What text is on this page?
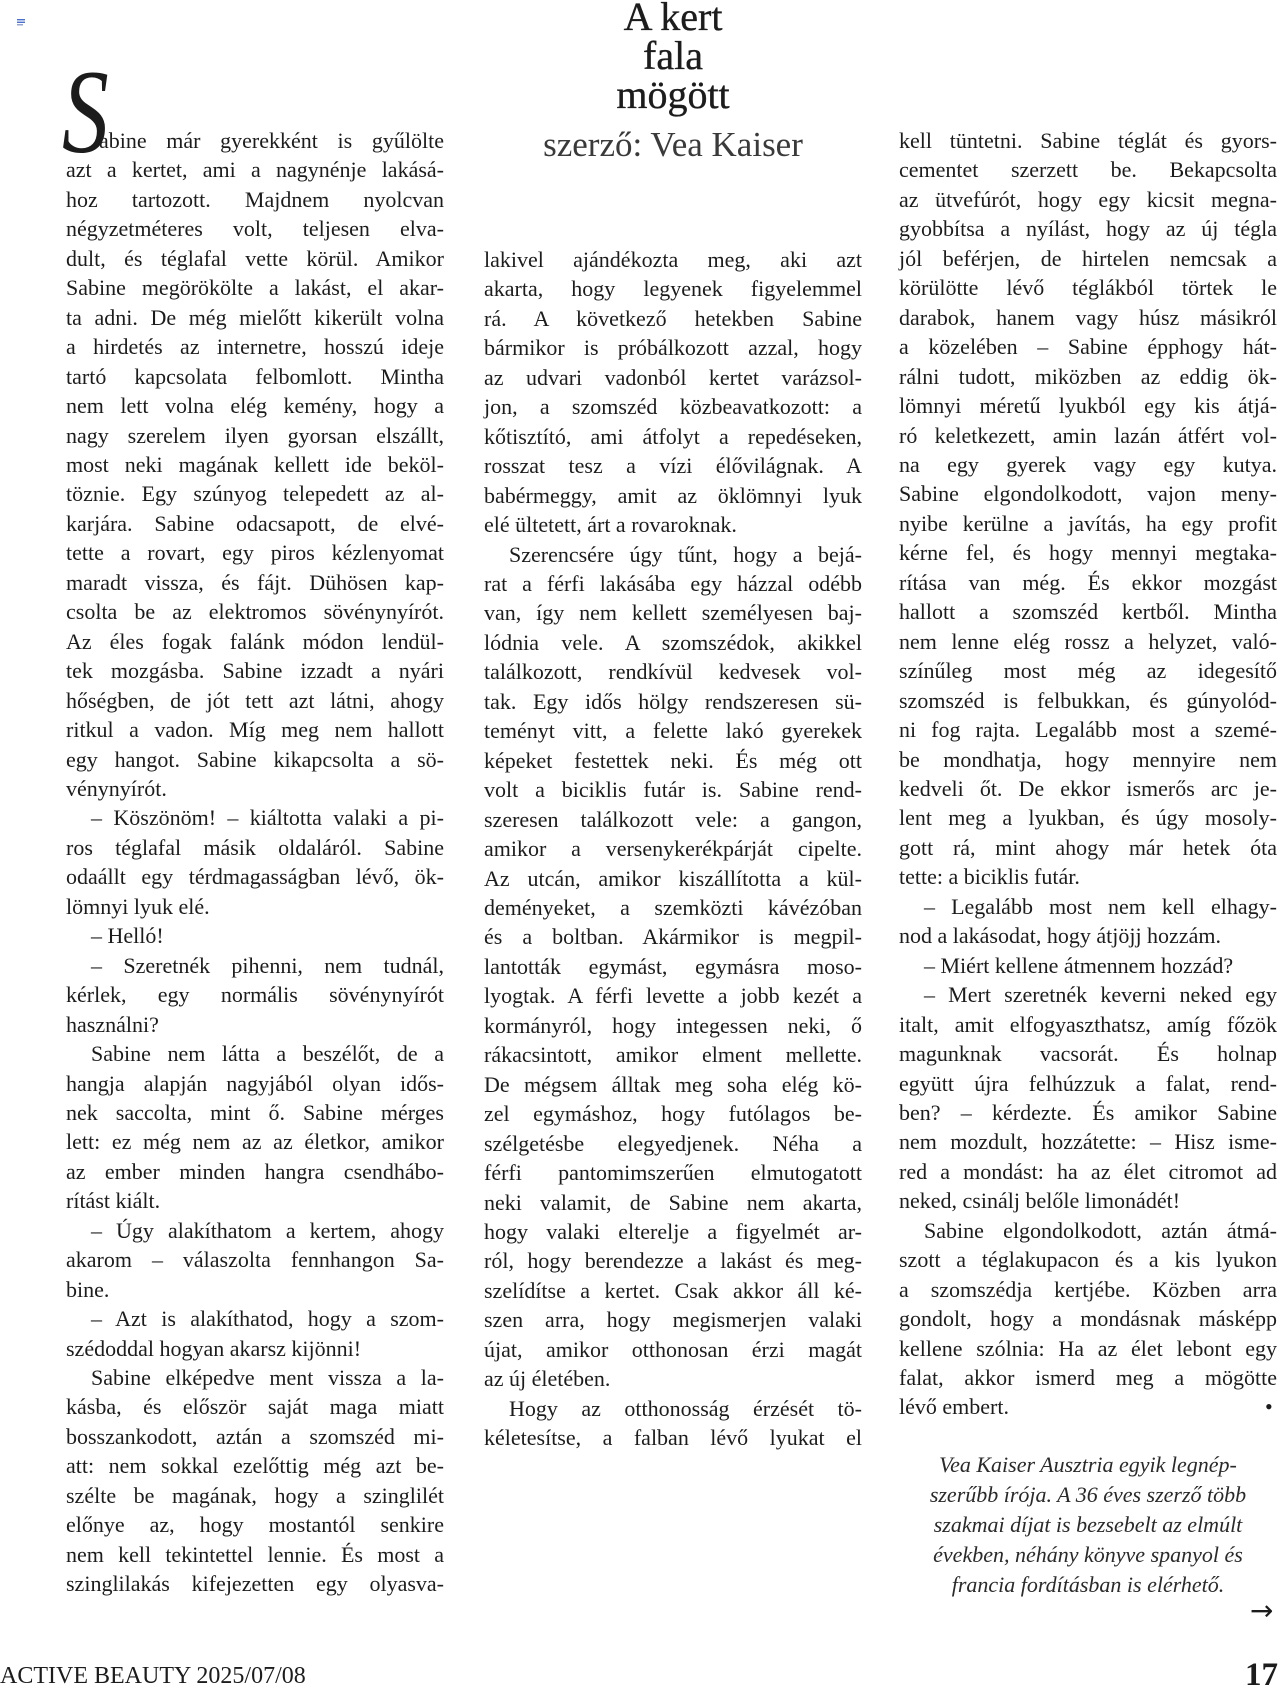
A kert
fala
mögött
szerző: Vea Kaiser
S
abine már gyerekként is gyűlölte
azt a kertet, ami a nagynénje lakásá-
hoz tartozott. Majdnem nyolcvan
négyzetméteres volt, teljesen elva-
dult, és téglafal vette körül. Amikor
Sabine megörökölte a lakást, el akar-
ta adni. De még mielőtt kikerült volna
a hirdetés az internetre, hosszú ideje
tartó kapcsolata felbomlott. Mintha
nem lett volna elég kemény, hogy a
nagy szerelem ilyen gyorsan elszállt,
most neki magának kellett ide beköl-
töznie. Egy szúnyog telepedett az al-
karjára. Sabine odacsapott, de elvé-
tette a rovart, egy piros kézlenyomat
maradt vissza, és fájt. Dühösen kap-
csolta be az elektromos sövénynyírót.
Az éles fogak falánk módon lendül-
tek mozgásba. Sabine izzadt a nyári
hőségben, de jót tett azt látni, ahogy
ritkul a vadon. Míg meg nem hallott
egy hangot. Sabine kikapcsolta a sö-
vénynyírót.
– Köszönöm! – kiáltotta valaki a pi-
ros téglafal másik oldaláról. Sabine
odaállt egy térdmagasságban lévő, ök-
lömnyi lyuk elé.
– Helló!
– Szeretnék pihenni, nem tudnál,
kérlek, egy normális sövénynyírót
használni?
Sabine nem látta a beszélőt, de a
hangja alapján nagyjából olyan idős-
nek saccolta, mint ő. Sabine mérges
lett: ez még nem az az életkor, amikor
az ember minden hangra csendhábo-
rítást kiált.
– Úgy alakíthatom a kertem, ahogy
akarom – válaszolta fennhangon Sa-
bine.
– Azt is alakíthatod, hogy a szom-
szédoddal hogyan akarsz kijönni!
Sabine elképedve ment vissza a la-
kásba, és először saját maga miatt
bosszankodott, aztán a szomszéd mi-
att: nem sokkal ezelőttig még azt be-
szélte be magának, hogy a szinglilét
előnye az, hogy mostantól senkire
nem kell tekintettel lennie. És most a
szinglilakás kifejezetten egy olyasva-
lakivel ajándékozta meg, aki azt
akarta, hogy legyenek figyelemmel
rá. A következő hetekben Sabine
bármikor is próbálkozott azzal, hogy
az udvari vadonból kertet varázsol-
jon, a szomszéd közbeavatkozott: a
kőtisztító, ami átfolyt a repedéseken,
rosszat tesz a vízi élővilágnak. A
babérmeggy, amit az öklömnyi lyuk
elé ültetett, árt a rovaroknak.
Szerencsére úgy tűnt, hogy a bejá-
rat a férfi lakásába egy házzal odébb
van, így nem kellett személyesen baj-
lódnia vele. A szomszédok, akikkel
találkozott, rendkívül kedvesek vol-
tak. Egy idős hölgy rendszeresen sü-
teményt vitt, a felette lakó gyerekek
képeket festettek neki. És még ott
volt a biciklis futár is. Sabine rend-
szeresen találkozott vele: a gangon,
amikor a versenykerékpárját cipelte.
Az utcán, amikor kiszállította a kül-
deményeket, a szemközti kávézóban
és a boltban. Akármikor is megpil-
lantották egymást, egymásra moso-
lyogtak. A férfi levette a jobb kezét a
kormányról, hogy integessen neki, ő
rákacsintott, amikor elment mellette.
De mégsem álltak meg soha elég kö-
zel egymáshoz, hogy futólagos be-
szélgetésbe elegyedjenek. Néha a
férfi pantomimszerűen elmutogatott
neki valamit, de Sabine nem akarta,
hogy valaki elterelje a figyelmét ar-
ról, hogy berendezze a lakást és meg-
szelídítse a kertet. Csak akkor áll ké-
szen arra, hogy megismerjen valaki
újat, amikor otthonosan érzi magát
az új életében.
Hogy az otthonosság érzését tö-
kéletesítse, a falban lévő lyukat el
kell tüntetni. Sabine téglát és gyors-
cementet szerzett be. Bekapcsolta
az ütvefúrót, hogy egy kicsit megna-
gyobbítsa a nyílást, hogy az új tégla
jól beférjen, de hirtelen nemcsak a
körülötte lévő téglákból törtek le
darabok, hanem vagy húsz másikról
a közelében – Sabine épphogy hát-
rálni tudott, miközben az eddig ök-
lömnyi méretű lyukból egy kis átjá-
ró keletkezett, amin lazán átfért vol-
na egy gyerek vagy egy kutya.
Sabine elgondolkodott, vajon meny-
nyibe kerülne a javítás, ha egy profit
kérne fel, és hogy mennyi megtaka-
rítása van még. És ekkor mozgást
hallott a szomszéd kertből. Mintha
nem lenne elég rossz a helyzet, való-
színűleg most még az idegesítő
szomszéd is felbukkan, és gúnyolód-
ni fog rajta. Legalább most a szemé-
be mondhatja, hogy mennyire nem
kedveli őt. De ekkor ismerős arc je-
lent meg a lyukban, és úgy mosoly-
gott rá, mint ahogy már hetek óta
tette: a biciklis futár.
– Legalább most nem kell elhagy-
nod a lakásodat, hogy átjöjj hozzám.
– Miért kellene átmennem hozzád?
– Mert szeretnék keverni neked egy
italt, amit elfogyaszthatsz, amíg főzök
magunknak vacsorát. És holnap
együtt újra felhúzzuk a falat, rend-
ben? – kérdezte. És amikor Sabine
nem mozdult, hozzátette: – Hisz isme-
red a mondást: ha az élet citromot ad
neked, csinálj belőle limonádét!
Sabine elgondolkodott, aztán átmá-
szott a téglakupacon és a kis lyukon
a szomszédja kertjébe. Közben arra
gondolt, hogy a mondásnak másképp
kellene szólnia: Ha az élet lebont egy
falat, akkor ismerd meg a mögötte
lévő embert.	•
Vea Kaiser Ausztria egyik legnép-
szerűbb írója. A 36 éves szerző több
szakmai díjat is bezsebelt az elmúlt
években, néhány könyve spanyol és
francia fordításban is elérhető.
→
ACTIVE BEAUTY 2025/07/08	17
